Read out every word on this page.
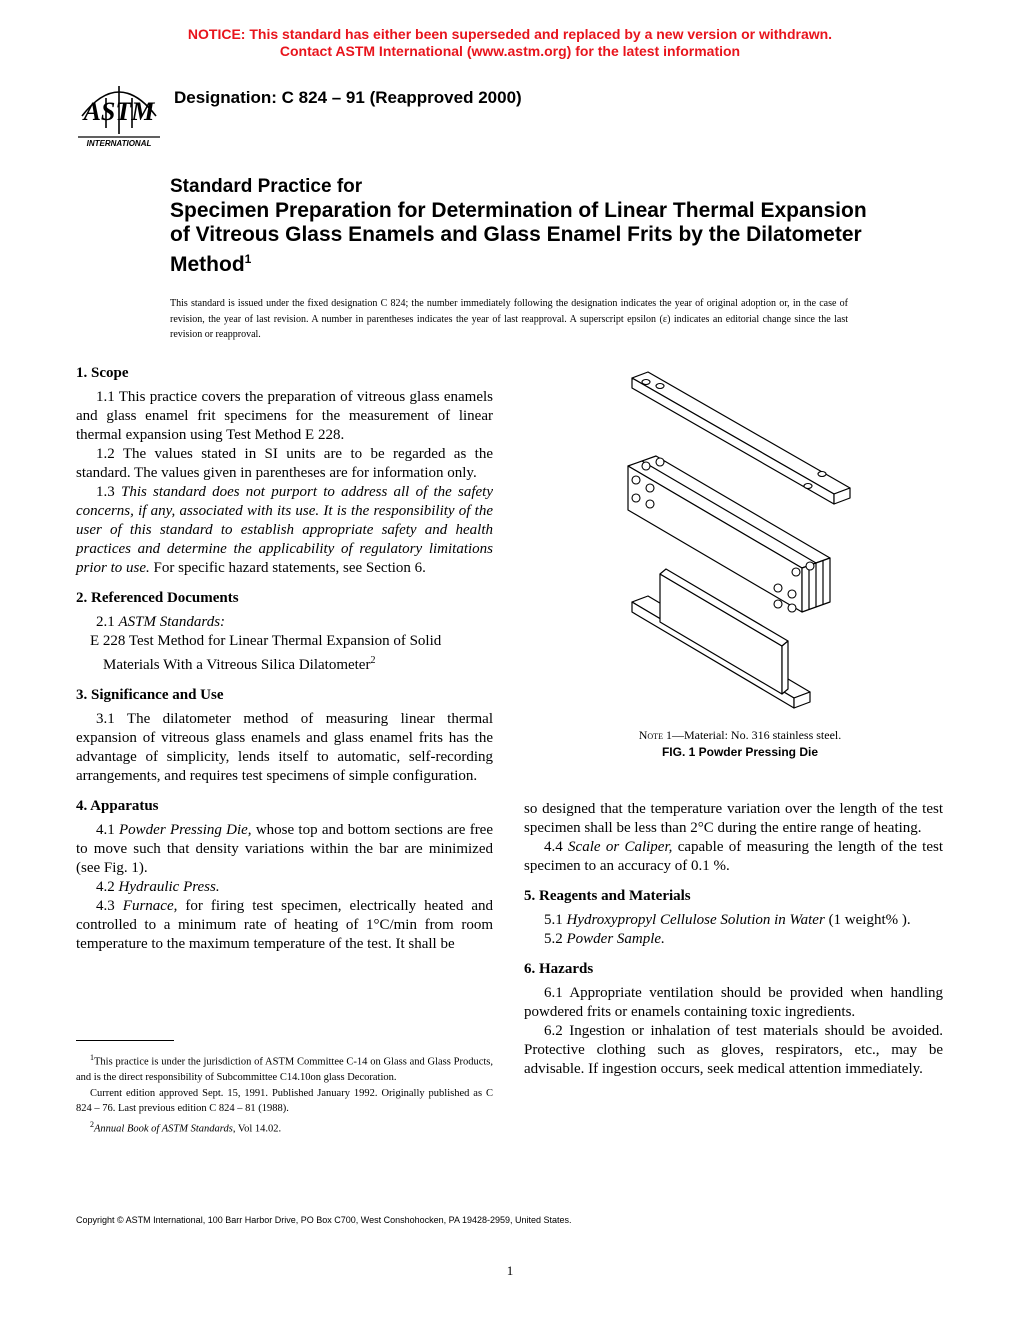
NOTICE: This standard has either been superseded and replaced by a new version or withdrawn.
Contact ASTM International (www.astm.org) for the latest information
ASTM
INTERNATIONAL
Designation: C 824 – 91 (Reapproved 2000)
Standard Practice for
Specimen Preparation for Determination of Linear Thermal Expansion of Vitreous Glass Enamels and Glass Enamel Frits by the Dilatometer Method$^1$
This standard is issued under the fixed designation C 824; the number immediately following the designation indicates the year of original adoption or, in the case of revision, the year of last revision. A number in parentheses indicates the year of last reapproval. A superscript epsilon (ε) indicates an editorial change since the last revision or reapproval.
1. Scope

1.1 This practice covers the preparation of vitreous glass enamels and glass enamel frit specimens for the measurement of linear thermal expansion using Test Method E 228.

1.2 The values stated in SI units are to be regarded as the standard. The values given in parentheses are for information only.

1.3 This standard does not purport to address all of the safety concerns, if any, associated with its use. It is the responsibility of the user of this standard to establish appropriate safety and health practices and determine the applicability of regulatory limitations prior to use. For specific hazard statements, see Section 6.

2. Referenced Documents

2.1 ASTM Standards:

E 228 Test Method for Linear Thermal Expansion of Solid Materials With a Vitreous Silica Dilatometer$^2$

3. Significance and Use

3.1 The dilatometer method of measuring linear thermal expansion of vitreous glass enamels and glass enamel frits has the advantage of simplicity, lends itself to automatic, self-recording arrangements, and requires test specimens of simple configuration.

4. Apparatus

4.1 Powder Pressing Die, whose top and bottom sections are free to move such that density variations within the bar are minimized (see Fig. 1).

4.2 Hydraulic Press.

4.3 Furnace, for firing test specimen, electrically heated and controlled to a minimum rate of heating of 1°C/min from room temperature to the maximum temperature of the test. It shall be

Note 1—Material: No. 316 stainless steel.
FIG. 1 Powder Pressing Die

so designed that the temperature variation over the length of the test specimen shall be less than 2°C during the entire range of heating.

4.4 Scale or Caliper, capable of measuring the length of the test specimen to an accuracy of 0.1 %.

5. Reagents and Materials

5.1 Hydroxypropyl Cellulose Solution in Water (1 weight% ).

5.2 Powder Sample.

6. Hazards

6.1 Appropriate ventilation should be provided when handling powdered frits or enamels containing toxic ingredients.

6.2 Ingestion or inhalation of test materials should be avoided. Protective clothing such as gloves, respirators, etc., may be advisable. If ingestion occurs, seek medical attention immediately.

$^1$This practice is under the jurisdiction of ASTM Committee C-14 on Glass and Glass Products, and is the direct responsibility of Subcommittee C14.10on glass Decoration.

Current edition approved Sept. 15, 1991. Published January 1992. Originally published as C 824 – 76. Last previous edition C 824 – 81 (1988).

$^2$Annual Book of ASTM Standards, Vol 14.02.

Copyright © ASTM International, 100 Barr Harbor Drive, PO Box C700, West Conshohocken, PA 19428-2959, United States.
1
